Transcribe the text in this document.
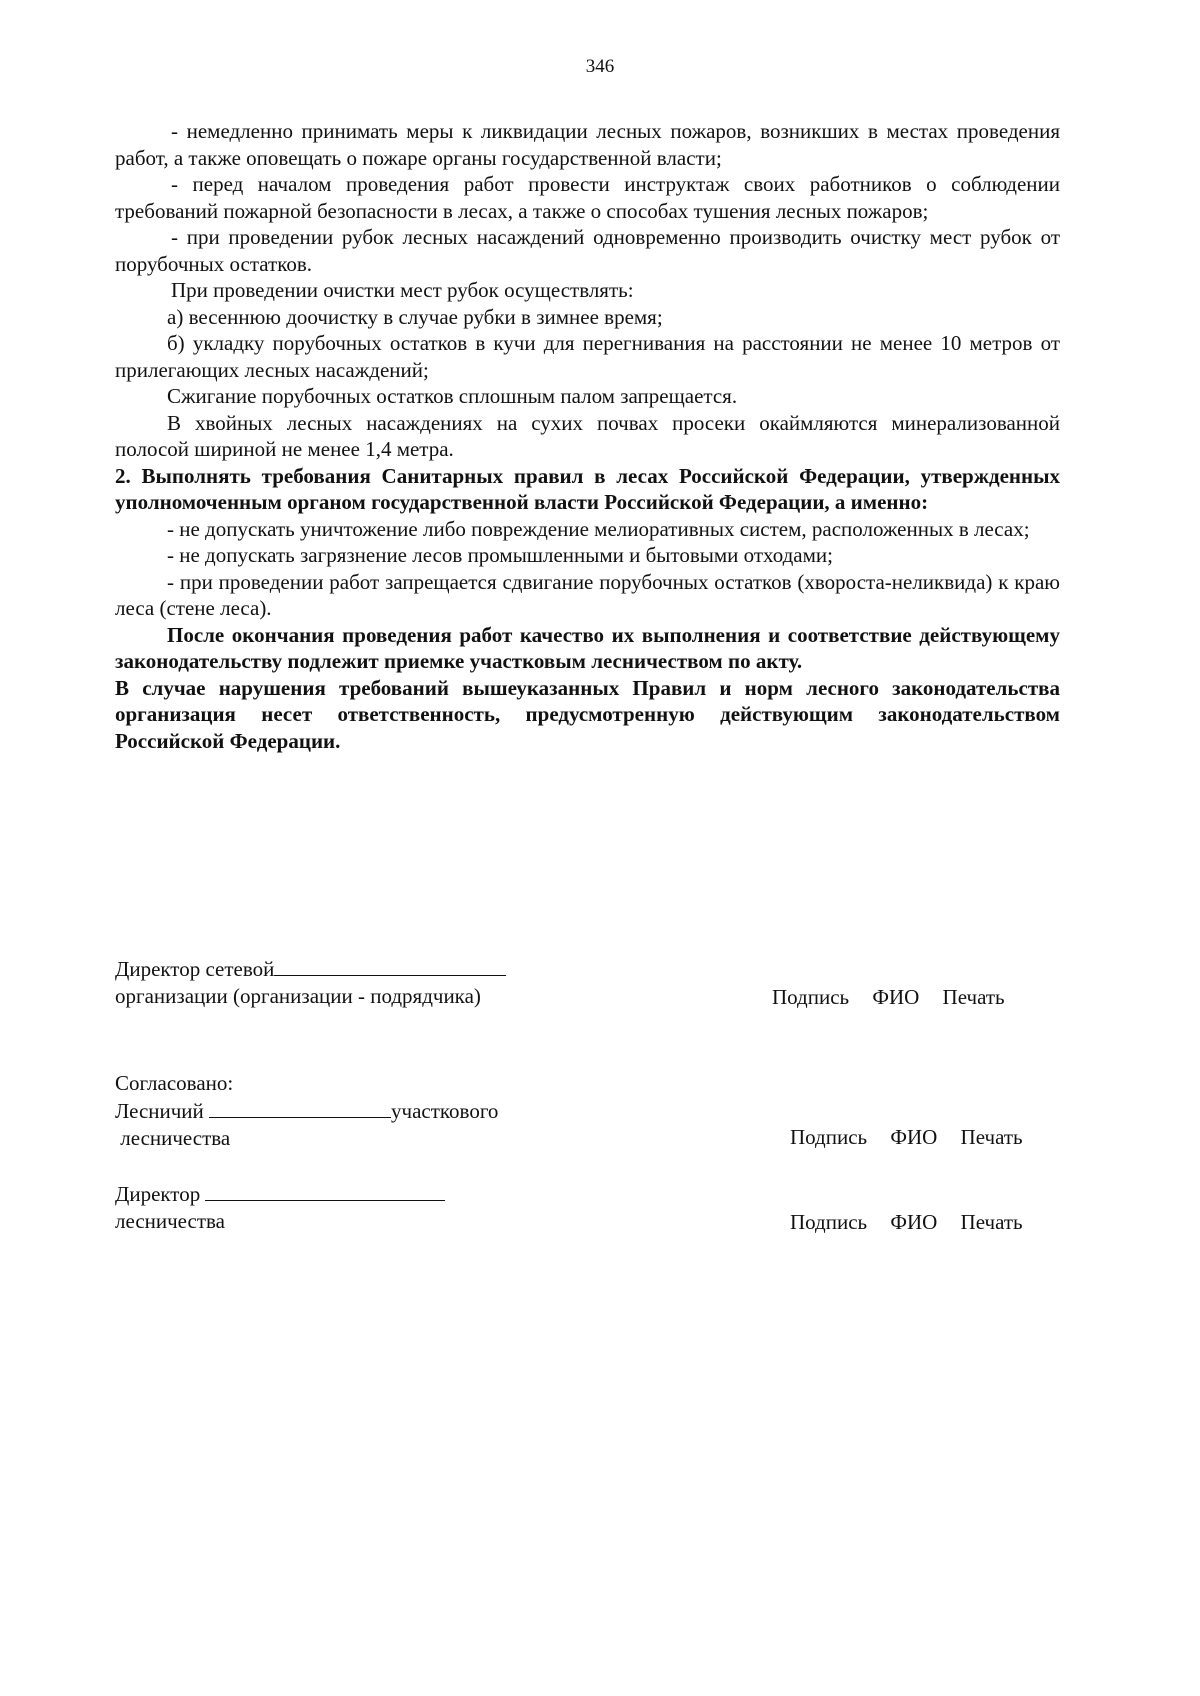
346

- немедленно принимать меры к ликвидации лесных пожаров, возникших в местах проведения работ, а также оповещать о пожаре органы государственной власти;

- перед началом проведения работ провести инструктаж своих работников о соблюдении требований пожарной безопасности в лесах, а также о способах тушения лесных пожаров;

- при проведении рубок лесных насаждений одновременно производить очистку мест рубок от порубочных остатков.

При проведении очистки мест рубок осуществлять:

а) весеннюю доочистку в случае рубки в зимнее время;

б) укладку порубочных остатков в кучи для перегнивания на расстоянии не менее 10 метров от прилегающих лесных насаждений;

Сжигание порубочных остатков сплошным палом запрещается.

В хвойных лесных насаждениях на сухих почвах просеки окаймляются минерализованной полосой шириной не менее 1,4 метра.

2. Выполнять требования Санитарных правил в лесах Российской Федерации, утвержденных уполномоченным органом государственной власти Российской Федерации, а именно:

- не допускать уничтожение либо повреждение мелиоративных систем, расположенных в лесах;

- не допускать загрязнение лесов промышленными и бытовыми отходами;

- при проведении работ запрещается сдвигание порубочных остатков (хвороста-неликвида) к краю леса (стене леса).

После окончания проведения работ качество их выполнения и соответствие действующему законодательству подлежит приемке участковым лесничеством по акту.

В случае нарушения требований вышеуказанных Правил и норм лесного законодательства организация несет ответственность, предусмотренную действующим законодательством Российской Федерации.

Директор сетевой
организации (организации - подрядчика)	Подпись ФИО Печать
Согласовано:
Лесничий	участкового
лесничества	Подпись ФИО Печать
Директор
лесничества	Подпись ФИО Печать
